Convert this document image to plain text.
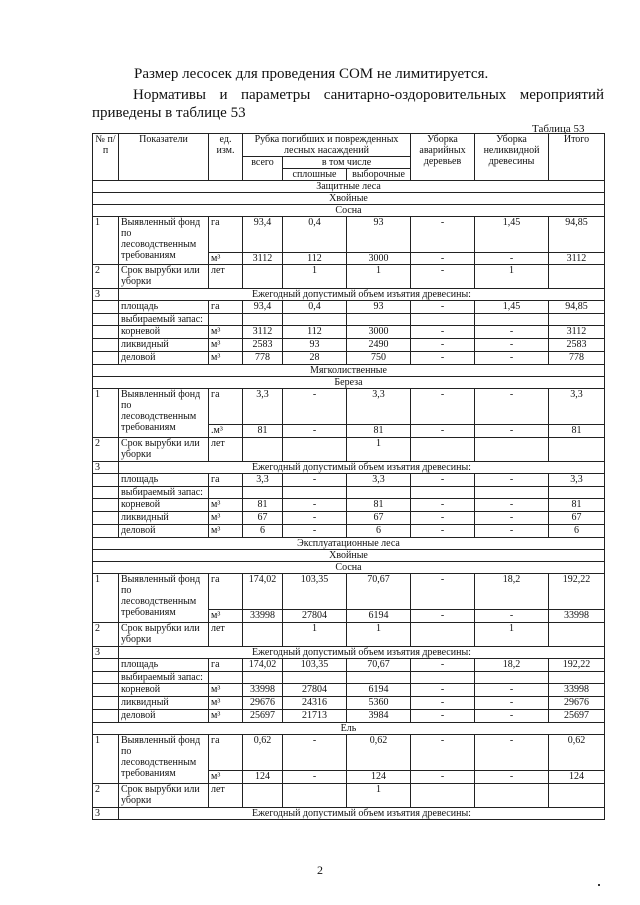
Размер лесосек для проведения СОМ не лимитируется.
Нормативы и параметры санитарно-оздоровительных мероприятий приведены в таблице 53
Таблица 53
№ п/п	Показатели	ед. изм.	Рубка погибших и поврежденных лесных насаждений			Уборка аварийных деревьев	Уборка неликвидной древесины	Итого
			всего	в том числе				
				сплошные	выборочные			
Защитные леса								
Хвойные								
Сосна								
1	Выявленный фонд по лесоводственным требованиям	га	93,4	0,4	93	-	1,45	94,85
		м³	3112	112	3000	-	-	3112
2	Срок вырубки или уборки	лет		1	1	-	1	
3	Ежегодный допустимый объем изъятия древесины:							
	площадь	га	93,4	0,4	93	-	1,45	94,85
	выбираемый запас:							
	корневой	м³	3112	112	3000	-	-	3112
	ликвидный	м³	2583	93	2490	-	-	2583
	деловой	м³	778	28	750	-	-	778
Мягколиственные								
Береза								
1	Выявленный фонд по лесоводственным требованиям	га	3,3	-	3,3	-	-	3,3
		.м³	81	-	81	-	-	81
2	Срок вырубки или уборки	лет			1			
3	Ежегодный допустимый объем изъятия древесины:							
	площадь	га	3,3	-	3,3	-	-	3,3
	выбираемый запас:							
	корневой	м³	81	-	81	-	-	81
	ликвидный	м³	67	-	67	-	-	67
	деловой	м³	6	-	6	-	-	6
Эксплуатационные леса								
Хвойные								
Сосна								
1	Выявленный фонд по лесоводственным требованиям	га	174,02	103,35	70,67	-	18,2	192,22
		м³	33998	27804	6194	-	-	33998
2	Срок вырубки или уборки	лет		1	1		1	
3	Ежегодный допустимый объем изъятия древесины:							
	площадь	га	174,02	103,35	70,67	-	18,2	192,22
	выбираемый запас:							
	корневой	м³	33998	27804	6194	-	-	33998
	ликвидный	м³	29676	24316	5360	-	-	29676
	деловой	м³	25697	21713	3984	-	-	25697
Ель								
1	Выявленный фонд по лесоводственным требованиям	га	0,62	-	0,62	-	-	0,62
		м³	124	-	124	-	-	124
2	Срок вырубки или уборки	лет			1			
3	Ежегодный допустимый объем изъятия древесины:							
2
